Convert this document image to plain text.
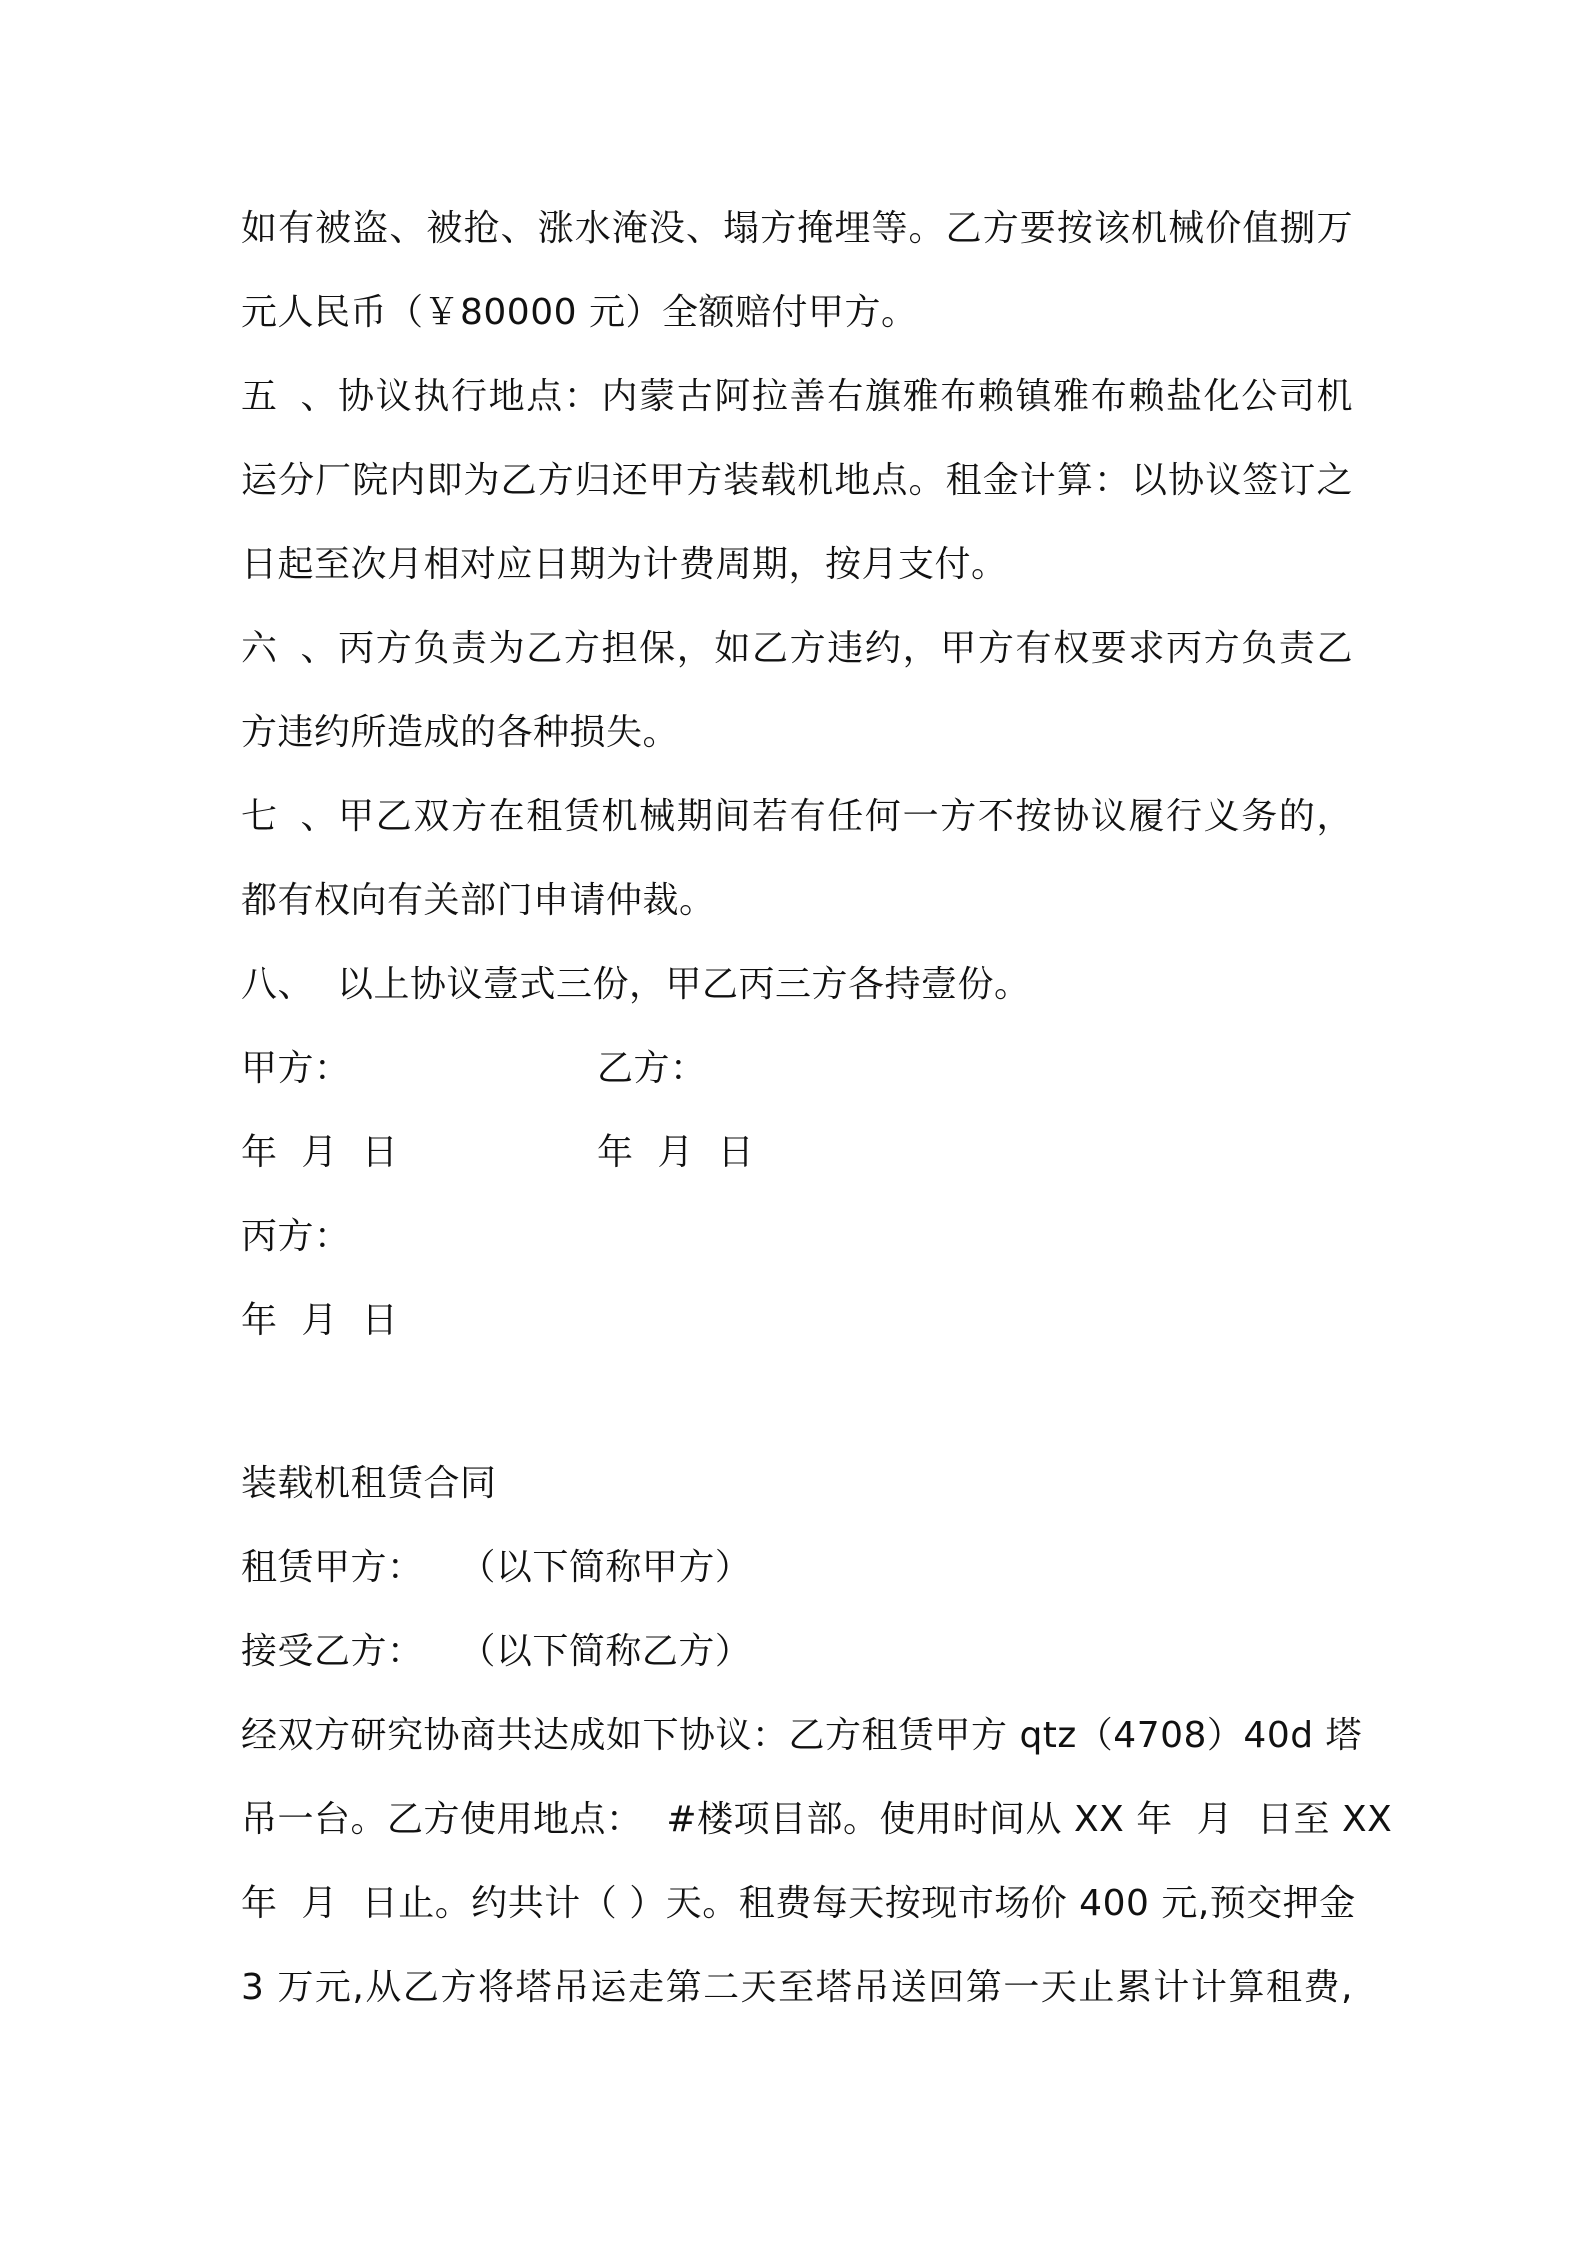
如有被盗、被抢、涨水淹没、塌方掩埋等。乙方要按该机械价值捌万
元人民币（￥80000 元）全额赔付甲方。
五、协议执行地点：内蒙古阿拉善右旗雅布赖镇雅布赖盐化公司机
运分厂院内即为乙方归还甲方装载机地点。租金计算：以协议签订之
日起至次月相对应日期为计费周期，按月支付。
六、丙方负责为乙方担保，如乙方违约，甲方有权要求丙方负责乙
方违约所造成的各种损失。
七、甲乙双方在租赁机械期间若有任何一方不按协议履行义务的，
都有权向有关部门申请仲裁。
八、 以上协议壹式三份，甲乙丙三方各持壹份。
甲方：	乙方：
年  月  日	年  月  日
丙方：
年  月  日
装载机租赁合同
租赁甲方：   （以下简称甲方）
接受乙方：   （以下简称乙方）
经双方研究协商共达成如下协议：乙方租赁甲方 qtz（4708）40d 塔
吊一台。乙方使用地点：  #楼项目部。使用时间从 XX 年  月  日至 XX
年  月  日止。约共计（ ）天。租费每天按现市场价 400 元,预交押金
3 万元,从乙方将塔吊运走第二天至塔吊送回第一天止累计计算租费,
